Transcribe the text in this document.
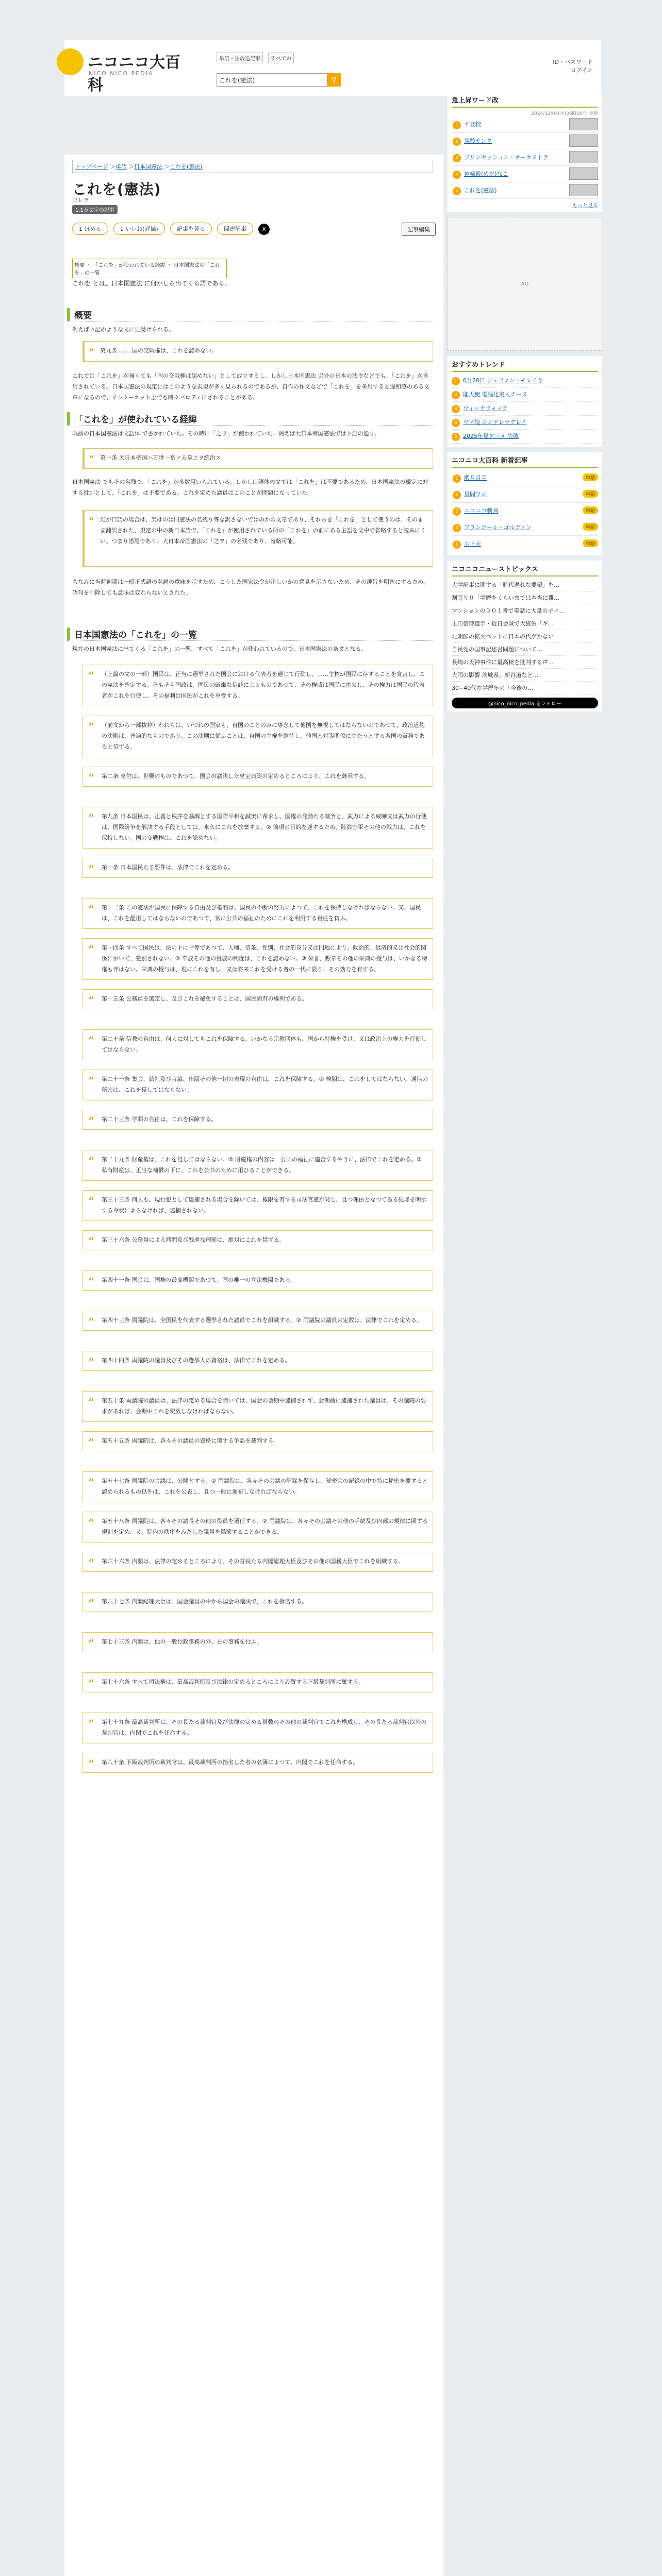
ニコニコ大百科
NICO NICO PEDIA
単語・生放送記事 すべての
これを(憲法)	⚲
ID・パスワード
ログイン
トップページ ＞単語 ＞日本国憲法 ＞これを(憲法)
これを(憲法)
コレヲ
1.1万文字の記事
1 ほめる	1 いいね(評価)	記事を見る	関連記事	X	記事編集
概要 ・ 「これを」が使われている経緯 ・ 日本国憲法の「これを」の一覧
これを とは、日本国憲法 に何かしら出てくる語である。
概要
例えば下記のような文に見受けられる。
“ 第九条 …… 国の交戦権は、これを認めない。
これでは「これを」が無くても「国の交戦権は認めない」として成立するし、しかし日本国憲法 以外の日本の法令などでも、「これを」が多用されている。日本国憲法の規定にはこのような表現が多く見られるのであるが、自作の作文などで「これを」を多用すると違和感のある文章になるので、インターネット上でも時々パロディにされることがある。
「これを」が使われている経緯
戦前の日本国憲法は文語体 で書かれていた。その時に「之ヲ」が使われていた。例えば大日本帝国憲法では下記の通り。
“ 第一条 大日本帝国ハ万世一系ノ天皇之ヲ統治ス
日本国憲法 でもその名残で、「これを」が多数用いられている。しかし口語体の文では「これを」は不要であるため、日本国憲法の規定に対する批判として、「これを」は不要である。これを定めた議員はこのことが問題になっていた。
“ だが口語の場合は、実はのは旧憲法の名残り等な訳さないではのかの文章であり、それらを「これを」として使うのは、そのまま翻訳された、規定の中の新日本語で、「これを」が使用されている所の「これを」の前にある主語を文中で省略すると読みにくい。つまり語尾であり、大日本帝国憲法の「之ヲ」の名残であり、省略可能。
ちなみに当時初期は一般正式語の名詞の意味を示すため、こうした国家法令が正しいかの意見を示さないため、その趣旨を明確にするため、語句を削除しても意味は変わらないとされた。
日本国憲法の「これを」の一覧
現在の日本国憲法に出てくる「これを」の一覧。すべて「これを」が使われているので、日本国憲法の条文となる。
“ （上論の文の一部）国民は、正当に選挙された国会における代表者を通じて行動し、……主権が国民に存することを宣言し、この憲法を確定する。そもそも国政は、国民の厳粛な信託によるものであつて、その権威は国民に由来し、その権力は国民の代表者がこれを行使し、その福利は国民がこれを享受する。
“ （前文から一部抜粋）われらは、いづれの国家も、自国のことのみに専念して他国を無視してはならないのであつて、政治道徳の法則は、普遍的なものであり、この法則に従ふことは、自国の主権を維持し、他国と対等関係に立たうとする各国の責務であると信ずる。
“ 第二条 皇位は、世襲のものであつて、国会の議決した皇室典範の定めるところにより、これを継承する。
“ 第九条 日本国民は、正義と秩序を基調とする国際平和を誠実に希求し、国権の発動たる戦争と、武力による威嚇又は武力の行使は、国際紛争を解決する手段としては、永久にこれを放棄する。② 前項の目的を達するため、陸海空軍その他の戦力は、これを保持しない。国の交戦権は、これを認めない。
“ 第十条 日本国民たる要件は、法律でこれを定める。
“ 第十二条 この憲法が国民に保障する自由及び権利は、国民の不断の努力によつて、これを保持しなければならない。又、国民は、これを濫用してはならないのであつて、常に公共の福祉のためにこれを利用する責任を負ふ。
“ 第十四条 すべて国民は、法の下に平等であつて、人種、信条、性別、社会的身分又は門地により、政治的、経済的又は社会的関係において、差別されない。② 華族その他の貴族の制度は、これを認めない。③ 栄誉、勲章その他の栄典の授与は、いかなる特権も伴はない。栄典の授与は、現にこれを有し、又は将来これを受ける者の一代に限り、その効力を有する。
“ 第十五条 公務員を選定し、及びこれを罷免することは、国民固有の権利である。
“ 第二十条 信教の自由は、何人に対してもこれを保障する。いかなる宗教団体も、国から特権を受け、又は政治上の権力を行使してはならない。
“ 第二十一条 集会、結社及び言論、出版その他一切の表現の自由は、これを保障する。② 検閲は、これをしてはならない。通信の秘密は、これを侵してはならない。
“ 第二十三条 学問の自由は、これを保障する。
“ 第二十九条 財産権は、これを侵してはならない。② 財産権の内容は、公共の福祉に適合するやうに、法律でこれを定める。③ 私有財産は、正当な補償の下に、これを公共のために用ひることができる。
“ 第三十三条 何人も、現行犯として逮捕される場合を除いては、権限を有する司法官憲が発し、且つ理由となつてゐる犯罪を明示する令状によらなければ、逮捕されない。
“ 第三十六条 公務員による拷問及び残虐な刑罰は、絶対にこれを禁ずる。
“ 第四十一条 国会は、国権の最高機関であつて、国の唯一の立法機関である。
“ 第四十三条 両議院は、全国民を代表する選挙された議員でこれを組織する。② 両議院の議員の定数は、法律でこれを定める。
“ 第四十四条 両議院の議員及びその選挙人の資格は、法律でこれを定める。
“ 第五十条 両議院の議員は、法律の定める場合を除いては、国会の会期中逮捕されず、会期前に逮捕された議員は、その議院の要求があれば、会期中これを釈放しなければならない。
“ 第五十五条 両議院は、各々その議員の資格に関する争訟を裁判する。
“ 第五十七条 両議院の会議は、公開とする。② 両議院は、各々その会議の記録を保存し、秘密会の記録の中で特に秘密を要すると認められるもの以外は、これを公表し、且つ一般に頒布しなければならない。
“ 第五十八条 両議院は、各々その議長その他の役員を選任する。② 両議院は、各々その会議その他の手続及び内部の規律に関する規則を定め、又、院内の秩序をみだした議員を懲罰することができる。
“ 第六十六条 内閣は、法律の定めるところにより、その首長たる内閣総理大臣及びその他の国務大臣でこれを組織する。
“ 第六十七条 内閣総理大臣は、国会議員の中から国会の議決で、これを指名する。
“ 第七十三条 内閣は、他の一般行政事務の外、左の事務を行ふ。
“ 第七十六条 すべて司法権は、最高裁判所及び法律の定めるところにより設置する下級裁判所に属する。
“ 第七十九条 最高裁判所は、その長たる裁判官及び法律の定める員数のその他の裁判官でこれを構成し、その長たる裁判官以外の裁判官は、内閣でこれを任命する。
“ 第八十条 下級裁判所の裁判官は、最高裁判所の指名した者の名簿によつて、内閣でこれを任命する。
急上昇ワード改
2024/12/04(水)06時00分 更新
1 不登校
2 炭酸サンタ
3 プリンセッション・オーケストラ
4 神崎殿(めだ)なこ
5 これを(憲法)
もっと見る
AD
おすすめトレンド
1 6月20日 ジェファン・モレイヤ
2 能天使 電脳化美人チーヌ
3 ウィッチウォッチ
4 ウマ娘 シンデレラグレイ
5 2025年夏アニメ 失敗
ニコニコ大百科 新着記事
1 暇月月手	単語
2 星間ワン	単語
3 ニコニコ動画	単語
4 フランボール・ゴルディン	単語
5 ホト天	単語
ニコニコニューストピックス
大学記事に関する「時代遅れな要望」を…
割引り０「学歴をくらいまでは本当に難…
マンションの３０１番で電話に大量の子ノ…
上田信博選手・近日会戦で大統領「ギ…
北朝鮮の拡大ペットに日本の代がかない
自民党の国事記述書問題について…
長崎の天神事件に最高検を批判する声…
大雨の影響 茨城県、新谷道など…
30~40代在学歴年の「今後の…
@nico_nico_pedia をフォロー
